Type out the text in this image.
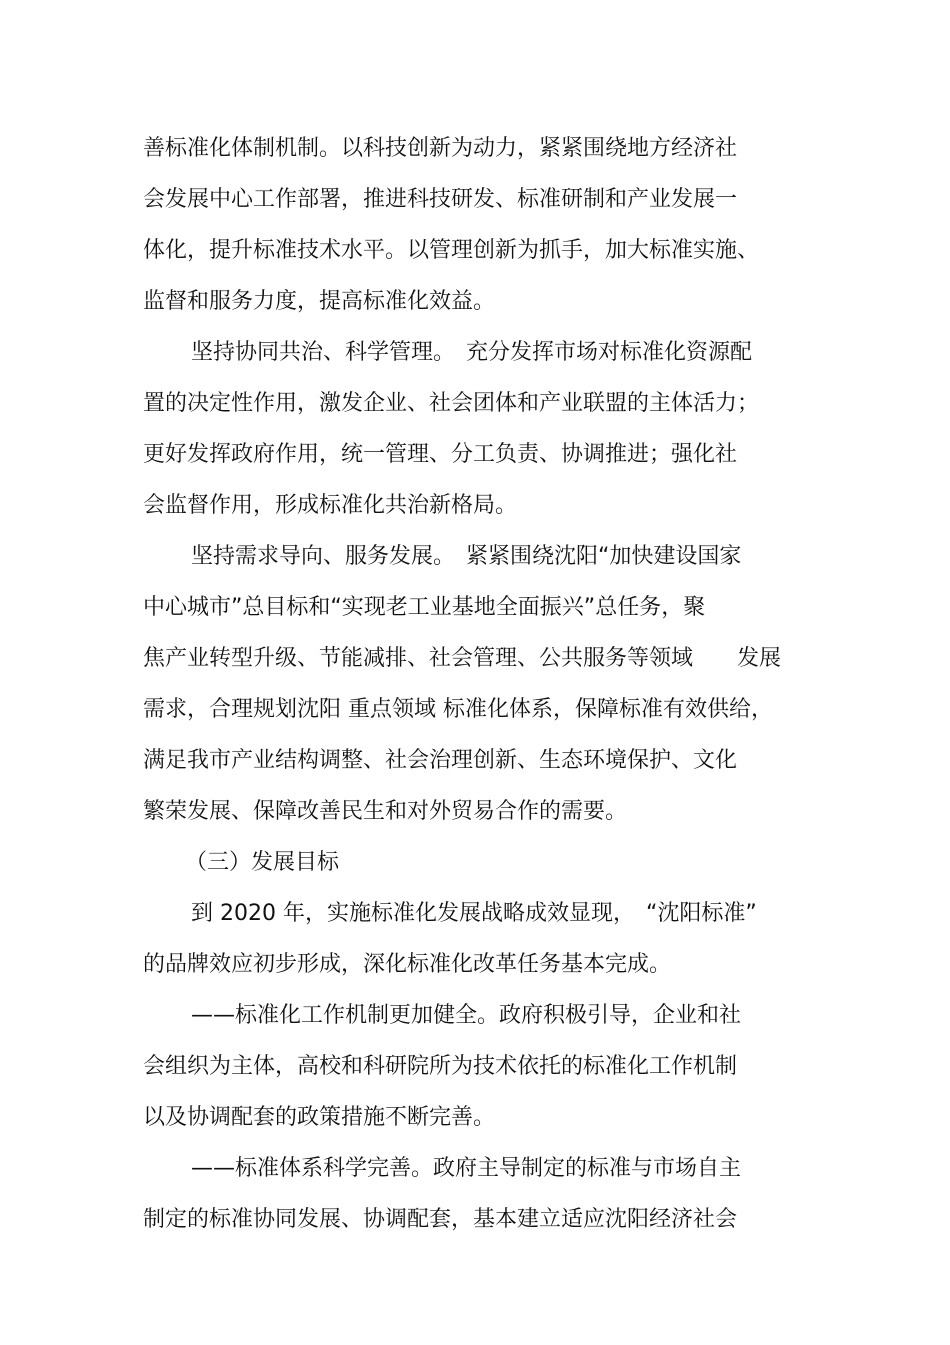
善标准化体制机制。以科技创新为动力，紧紧围绕地方经济社
会发展中心工作部署，推进科技研发、标准研制和产业发展一
体化，提升标准技术水平。以管理创新为抓手，加大标准实施、
监督和服务力度，提高标准化效益。
坚持协同共治、科学管理。　充分发挥市场对标准化资源配
置的决定性作用，激发企业、社会团体和产业联盟的主体活力；
更好发挥政府作用，统一管理、分工负责、协调推进；强化社
会监督作用，形成标准化共治新格局。
坚持需求导向、服务发展。　紧紧围绕沈阳“加快建设国家
中心城市”总目标和“实现老工业基地全面振兴”总任务，聚
焦产业转型升级、节能减排、社会管理、公共服务等领域　　发展
需求，合理规划沈阳 重点领域 标准化体系，保障标准有效供给，
满足我市产业结构调整、社会治理创新、生态环境保护、文化
繁荣发展、保障改善民生和对外贸易合作的需要。
（三）发展目标
到 2020 年，实施标准化发展战略成效显现，　“沈阳标准”
的品牌效应初步形成，深化标准化改革任务基本完成。
——标准化工作机制更加健全。政府积极引导，企业和社
会组织为主体，高校和科研院所为技术依托的标准化工作机制
以及协调配套的政策措施不断完善。
——标准体系科学完善。政府主导制定的标准与市场自主
制定的标准协同发展、协调配套，基本建立适应沈阳经济社会
